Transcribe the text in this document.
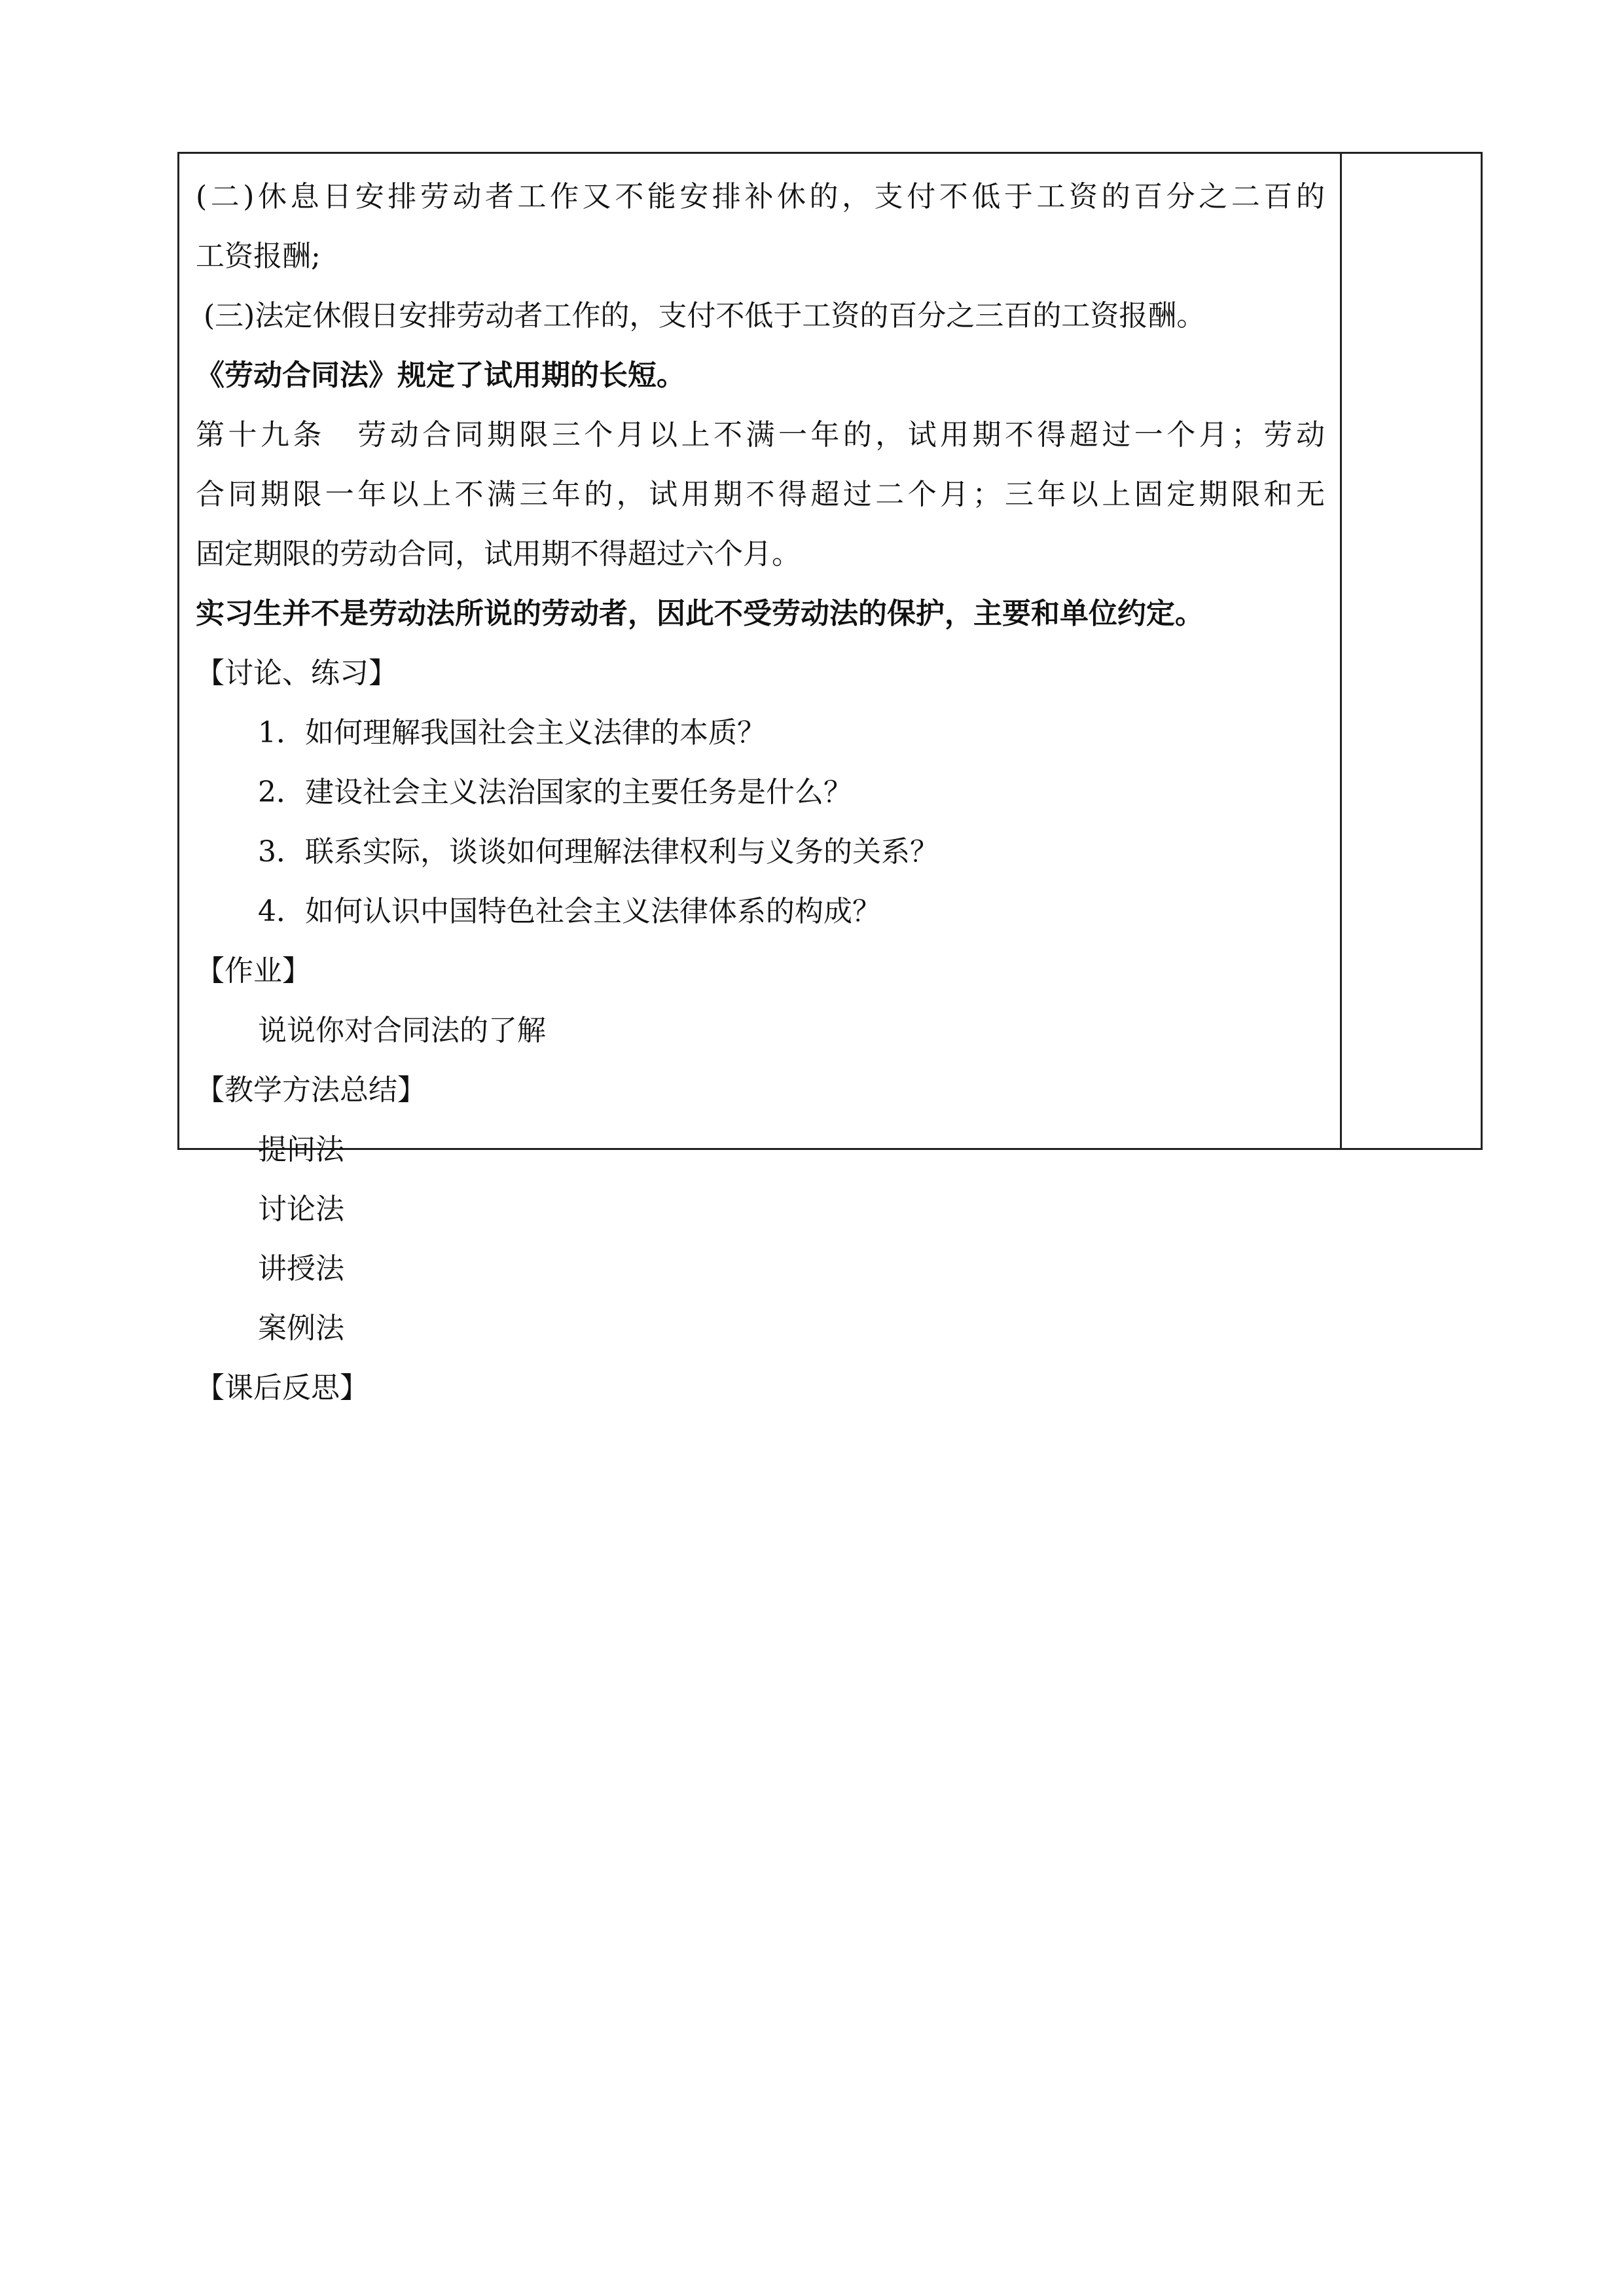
(二)休息日安排劳动者工作又不能安排补休的，支付不低于工资的百分之二百的

工资报酬;

(三)法定休假日安排劳动者工作的，支付不低于工资的百分之三百的工资报酬。

《劳动合同法》规定了试用期的长短。

第十九条　劳动合同期限三个月以上不满一年的，试用期不得超过一个月；劳动

合同期限一年以上不满三年的，试用期不得超过二个月；三年以上固定期限和无

固定期限的劳动合同，试用期不得超过六个月。

实习生并不是劳动法所说的劳动者，因此不受劳动法的保护，主要和单位约定。

【讨论、练习】

1．如何理解我国社会主义法律的本质？

2．建设社会主义法治国家的主要任务是什么？

3．联系实际，谈谈如何理解法律权利与义务的关系？

4．如何认识中国特色社会主义法律体系的构成？

【作业】

说说你对合同法的了解

【教学方法总结】

提问法

讨论法

讲授法

案例法

【课后反思】
